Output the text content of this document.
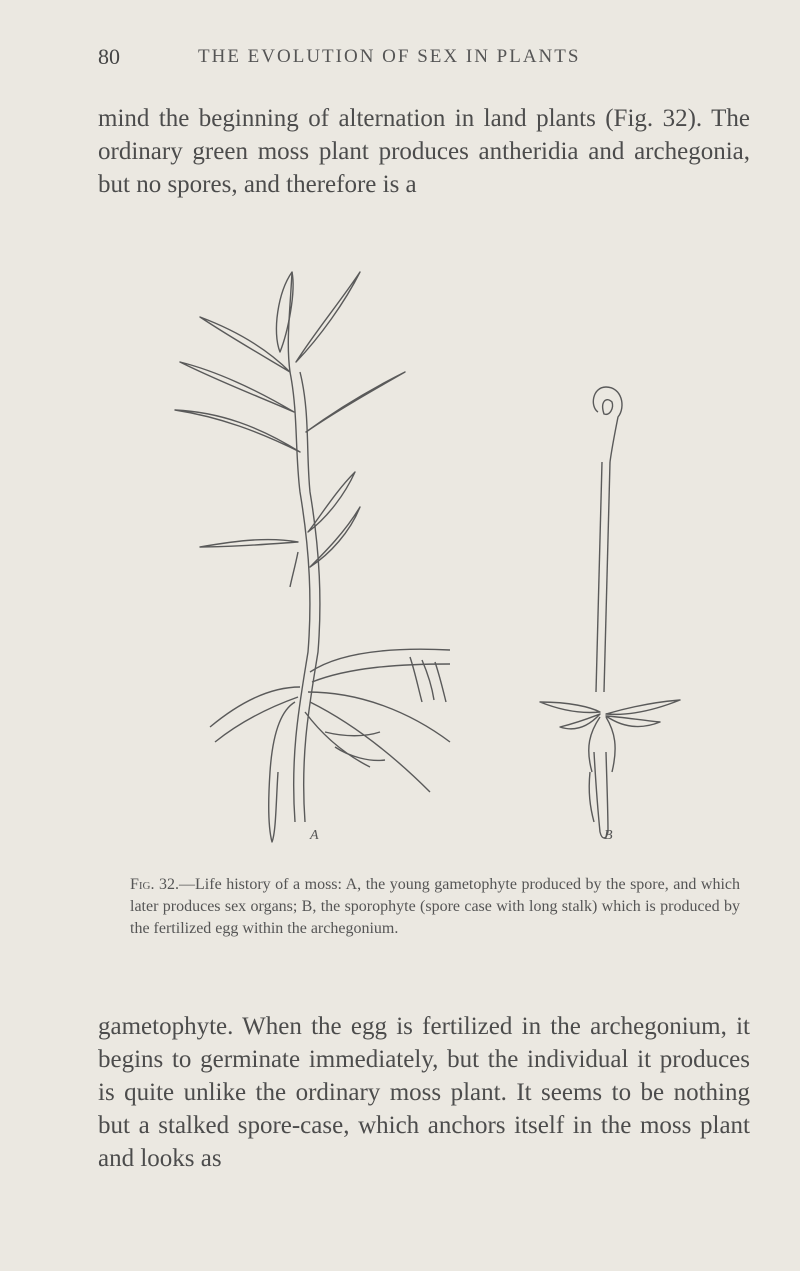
80	THE EVOLUTION OF SEX IN PLANTS

mind the beginning of alternation in land plants (Fig. 32). The ordinary green moss plant produces antheridia and archegonia, but no spores, and therefore is a

A	B

Fig. 32.—Life history of a moss: A, the young gametophyte produced by the spore, and which later produces sex organs; B, the sporophyte (spore case with long stalk) which is produced by the fertilized egg within the archegonium.

gametophyte. When the egg is fertilized in the archegonium, it begins to germinate immediately, but the individual it produces is quite unlike the ordinary moss plant. It seems to be nothing but a stalked spore-case, which anchors itself in the moss plant and looks as
